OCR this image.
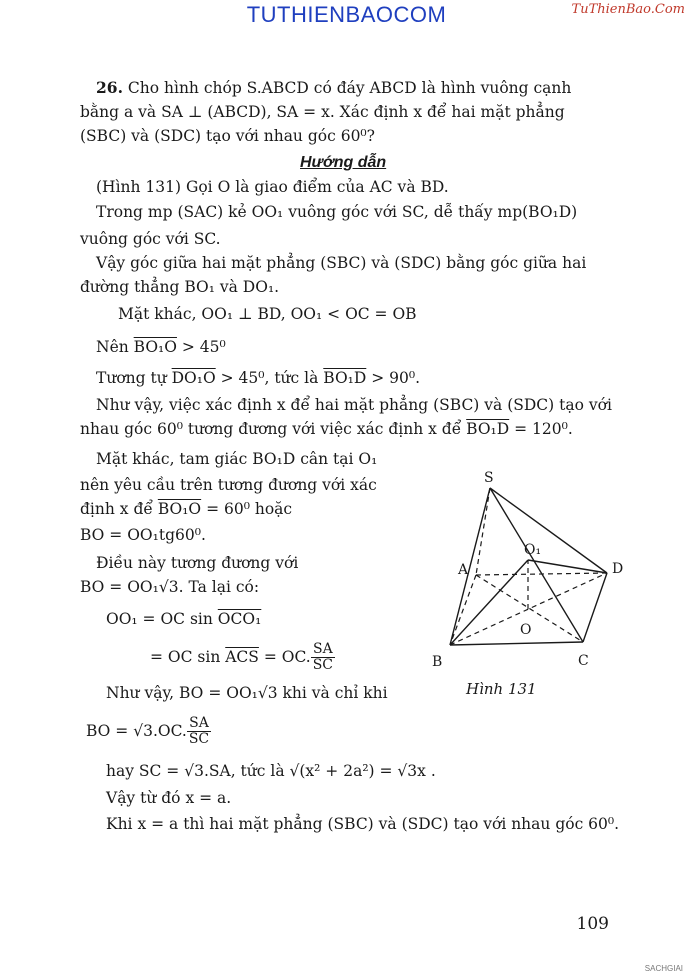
TUTHIENBAOCOM	TuThienBao.Com
26. Cho hình chóp S.ABCD có đáy ABCD là hình vuông cạnh
bằng a và SA ⊥ (ABCD), SA = x. Xác định x để hai mặt phẳng
(SBC) và (SDC) tạo với nhau góc 60⁰?
Hướng dẫn
(Hình 131) Gọi O là giao điểm của AC và BD.
Trong mp (SAC) kẻ OO₁ vuông góc với SC, dễ thấy mp(BO₁D)
vuông góc với SC.
Vậy góc giữa hai mặt phẳng (SBC) và (SDC) bằng góc giữa hai
đường thẳng BO₁ và DO₁.
Mặt khác, OO₁ ⊥ BD, OO₁ < OC = OB
Nên BO₁O > 45⁰
Tương tự DO₁O > 45⁰, tức là BO₁D > 90⁰.
Như vậy, việc xác định x để hai mặt phẳng (SBC) và (SDC) tạo với
nhau góc 60⁰ tương đương với việc xác định x để BO₁D = 120⁰.
Mặt khác, tam giác BO₁D cân tại O₁
nên yêu cầu trên tương đương với xác
định x để BO₁O = 60⁰ hoặc
BO = OO₁tg60⁰.
Điều này tương đương với
BO = OO₁√3. Ta lại có:
OO₁ = OC sin OCO₁
= OC $\sin \overline{ACS}$ = OC. $\frac{SA}{SC}$
Như vậy, BO = OO₁√3 khi và chỉ khi
BO = √3.OC. $\frac{SA}{SC}$
hay SC = √3.SA, tức là √(x² + 2a²) = √3x .
Vậy từ đó x = a.
Khi x = a thì hai mặt phẳng (SBC) và (SDC) tạo với nhau góc 60⁰.
S
A
B	C
D
O
O₁
Hình 131
109
SACHGIAI
